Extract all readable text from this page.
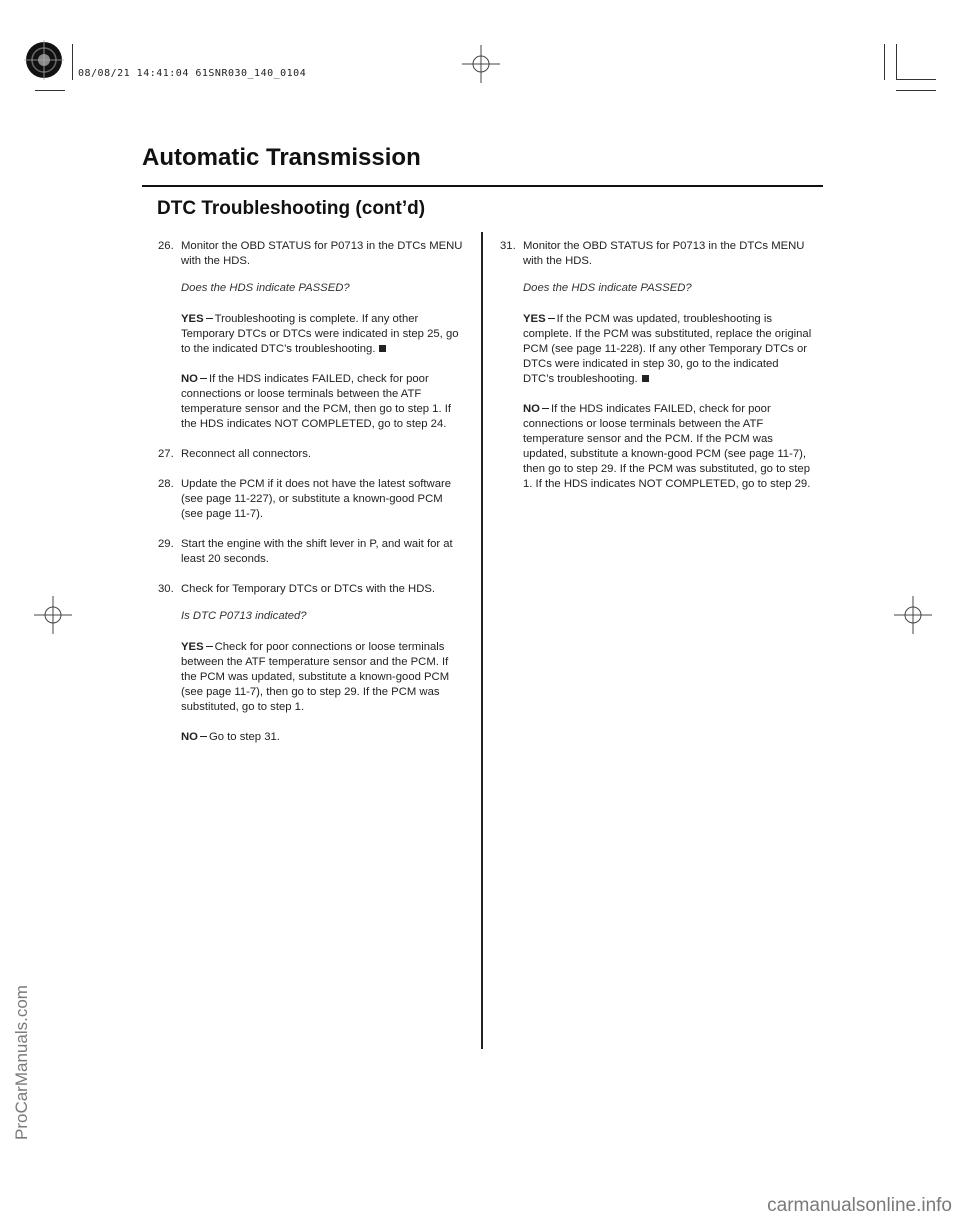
08/08/21 14:41:04 61SNR030_140_0104
Automatic Transmission
DTC Troubleshooting (cont’d)
26. Monitor the OBD STATUS for P0713 in the DTCs MENU with the HDS.

Does the HDS indicate PASSED?

YES Troubleshooting is complete. If any other Temporary DTCs or DTCs were indicated in step 25, go to the indicated DTC’s troubleshooting.

NO If the HDS indicates FAILED, check for poor connections or loose terminals between the ATF temperature sensor and the PCM, then go to step 1. If the HDS indicates NOT COMPLETED, go to step 24.

27. Reconnect all connectors.

28. Update the PCM if it does not have the latest software (see page 11-227), or substitute a known-good PCM (see page 11-7).

29. Start the engine with the shift lever in P, and wait for at least 20 seconds.

30. Check for Temporary DTCs or DTCs with the HDS.

Is DTC P0713 indicated?

YES Check for poor connections or loose terminals between the ATF temperature sensor and the PCM. If the PCM was updated, substitute a known-good PCM (see page 11-7), then go to step 29. If the PCM was substituted, go to step 1.

NO Go to step 31.

31. Monitor the OBD STATUS for P0713 in the DTCs MENU with the HDS.

Does the HDS indicate PASSED?

YES If the PCM was updated, troubleshooting is complete. If the PCM was substituted, replace the original PCM (see page 11-228). If any other Temporary DTCs or DTCs were indicated in step 30, go to the indicated DTC’s troubleshooting.

NO If the HDS indicates FAILED, check for poor connections or loose terminals between the ATF temperature sensor and the PCM. If the PCM was updated, substitute a known-good PCM (see page 11-7), then go to step 29. If the PCM was substituted, go to step 1. If the HDS indicates NOT COMPLETED, go to step 29.

ProCarManuals.com
carmanualsonline.info
